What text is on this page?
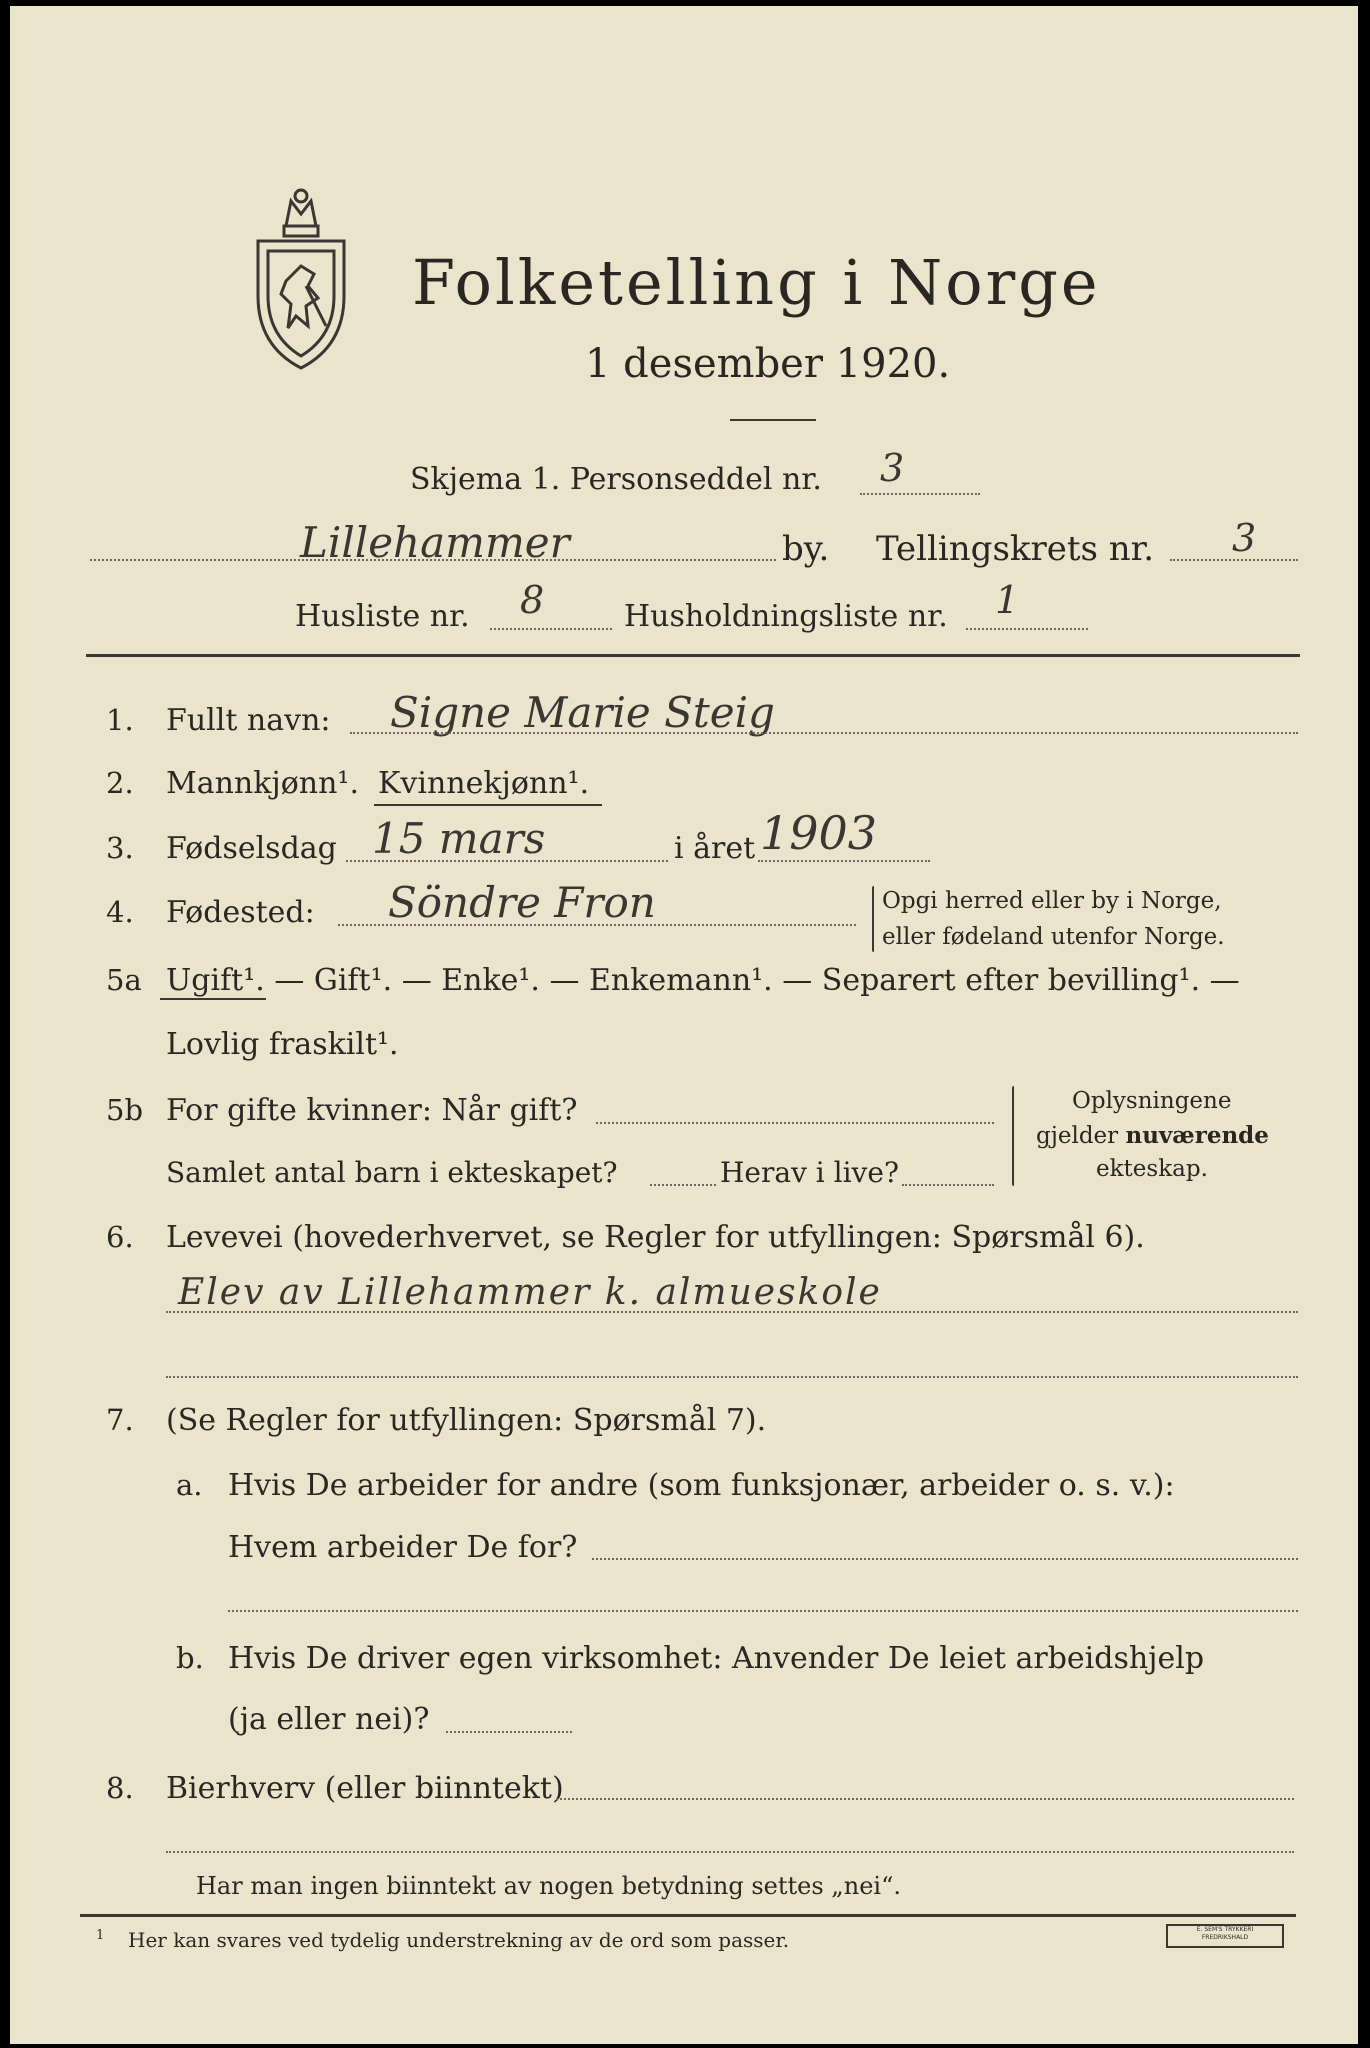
Folketelling i Norge
1 desember 1920.
Skjema 1. Personseddel nr. 3
Lillehammer	by. Tellingskrets nr. 3
Husliste nr. 8	Husholdningsliste nr. 1
1. Fullt navn: Signe Marie Steig
2. Mannkjønn¹. Kvinnekjønn¹.
3. Fødselsdag 15 mars	i året 1903
4. Fødested: Söndre Fron	Opgi herred eller by i Norge,
eller fødeland utenfor Norge.
5a Ugift¹. — Gift¹. — Enke¹. — Enkemann¹. — Separert efter bevilling¹. —
Lovlig fraskilt¹.
5b For gifte kvinner: Når gift?
Samlet antal barn i ekteskapet?	Herav i live?
Oplysningene
gjelder nuværende
ekteskap.
6. Levevei (hovederhvervet, se Regler for utfyllingen: Spørsmål 6).
Elev av Lillehammer k. almueskole
7. (Se Regler for utfyllingen: Spørsmål 7).
a. Hvis De arbeider for andre (som funksjonær, arbeider o. s. v.):
Hvem arbeider De for?
b. Hvis De driver egen virksomhet: Anvender De leiet arbeidshjelp
(ja eller nei)?
8. Bierhverv (eller biinntekt)
Har man ingen biinntekt av nogen betydning settes „nei“.
1 Her kan svares ved tydelig understrekning av de ord som passer.	E. SEM'S TRYKKERI
FREDRIKSHALD
